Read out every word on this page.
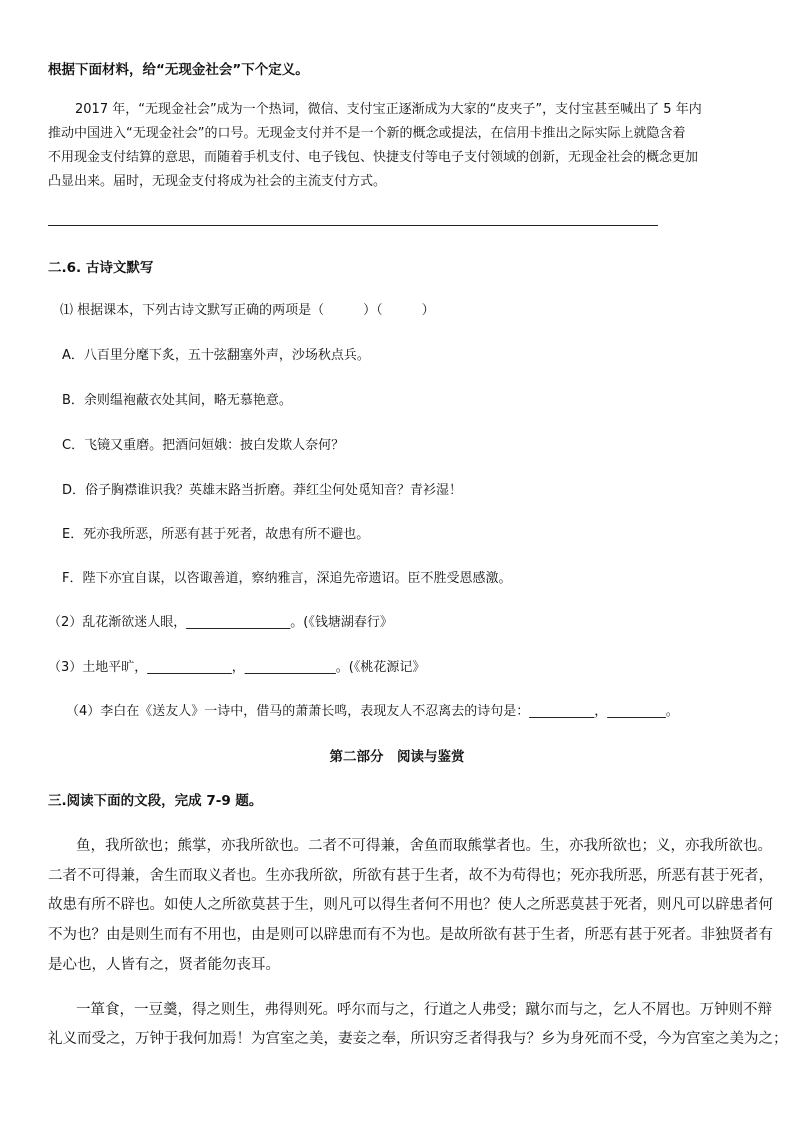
根据下面材料，给“无现金社会”下个定义。
2017 年，“无现金社会”成为一个热词，微信、支付宝正逐渐成为大家的“皮夹子”，支付宝甚至喊出了 5 年内
推动中国进入“无现金社会”的口号。无现金支付并不是一个新的概念或提法，在信用卡推出之际实际上就隐含着
不用现金支付结算的意思，而随着手机支付、电子钱包、快捷支付等电子支付领域的创新，无现金社会的概念更加
凸显出来。届时，无现金支付将成为社会的主流支付方式。
二.6. 古诗文默写
⑴ 根据课本，下列古诗文默写正确的两项是（　　　）（　　　）
A．八百里分麾下炙，五十弦翻塞外声，沙场秋点兵。
B．余则缊袍蔽衣处其间，略无慕艳意。
C．飞镜又重磨。把酒问姮娥：披白发欺人奈何？
D．俗子胸襟谁识我？英雄末路当折磨。莽红尘何处觅知音？青衫湿！
E．死亦我所恶，所恶有甚于死者，故患有所不避也。
F．陛下亦宜自谋，以咨诹善道，察纳雅言，深追先帝遗诏。臣不胜受恩感激。
（2）乱花渐欲迷人眼，________________。(《钱塘湖春行》
（3）土地平旷，_____________，______________。(《桃花源记》
（4）李白在《送友人》一诗中，借马的萧萧长鸣，表现友人不忍离去的诗句是：__________，_________。
第二部分　阅读与鉴赏
三.阅读下面的文段，完成 7-9 题。
鱼，我所欲也；熊掌，亦我所欲也。二者不可得兼，舍鱼而取熊掌者也。生，亦我所欲也；义，亦我所欲也。
二者不可得兼，舍生而取义者也。生亦我所欲，所欲有甚于生者，故不为苟得也；死亦我所恶，所恶有甚于死者，
故患有所不辟也。如使人之所欲莫甚于生，则凡可以得生者何不用也？使人之所恶莫甚于死者，则凡可以辟患者何
不为也？由是则生而有不用也，由是则可以辟患而有不为也。是故所欲有甚于生者，所恶有甚于死者。非独贤者有
是心也，人皆有之，贤者能勿丧耳。
一箪食，一豆羹，得之则生，弗得则死。呼尔而与之，行道之人弗受；蹴尔而与之，乞人不屑也。万钟则不辩
礼义而受之，万钟于我何加焉！为宫室之美，妻妾之奉，所识穷乏者得我与？乡为身死而不受，今为宫室之美为之；
